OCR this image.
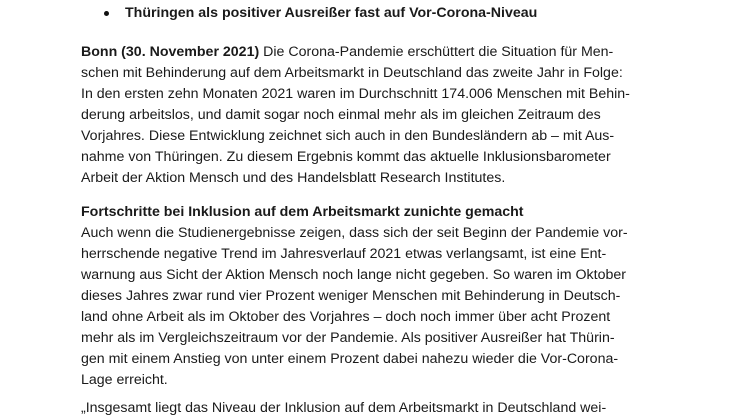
Thüringen als positiver Ausreißer fast auf Vor-Corona-Niveau
Bonn (30. November 2021) Die Corona-Pandemie erschüttert die Situation für Men-
schen mit Behinderung auf dem Arbeitsmarkt in Deutschland das zweite Jahr in Folge:
In den ersten zehn Monaten 2021 waren im Durchschnitt 174.006 Menschen mit Behin-
derung arbeitslos, und damit sogar noch einmal mehr als im gleichen Zeitraum des
Vorjahres. Diese Entwicklung zeichnet sich auch in den Bundesländern ab – mit Aus-
nahme von Thüringen. Zu diesem Ergebnis kommt das aktuelle Inklusionsbarometer
Arbeit der Aktion Mensch und des Handelsblatt Research Institutes.
Fortschritte bei Inklusion auf dem Arbeitsmarkt zunichte gemacht
Auch wenn die Studienergebnisse zeigen, dass sich der seit Beginn der Pandemie vor-
herrschende negative Trend im Jahresverlauf 2021 etwas verlangsamt, ist eine Ent-
warnung aus Sicht der Aktion Mensch noch lange nicht gegeben. So waren im Oktober
dieses Jahres zwar rund vier Prozent weniger Menschen mit Behinderung in Deutsch-
land ohne Arbeit als im Oktober des Vorjahres – doch noch immer über acht Prozent
mehr als im Vergleichszeitraum vor der Pandemie. Als positiver Ausreißer hat Thürin-
gen mit einem Anstieg von unter einem Prozent dabei nahezu wieder die Vor-Corona-
Lage erreicht.
„Insgesamt liegt das Niveau der Inklusion auf dem Arbeitsmarkt in Deutschland wei-
